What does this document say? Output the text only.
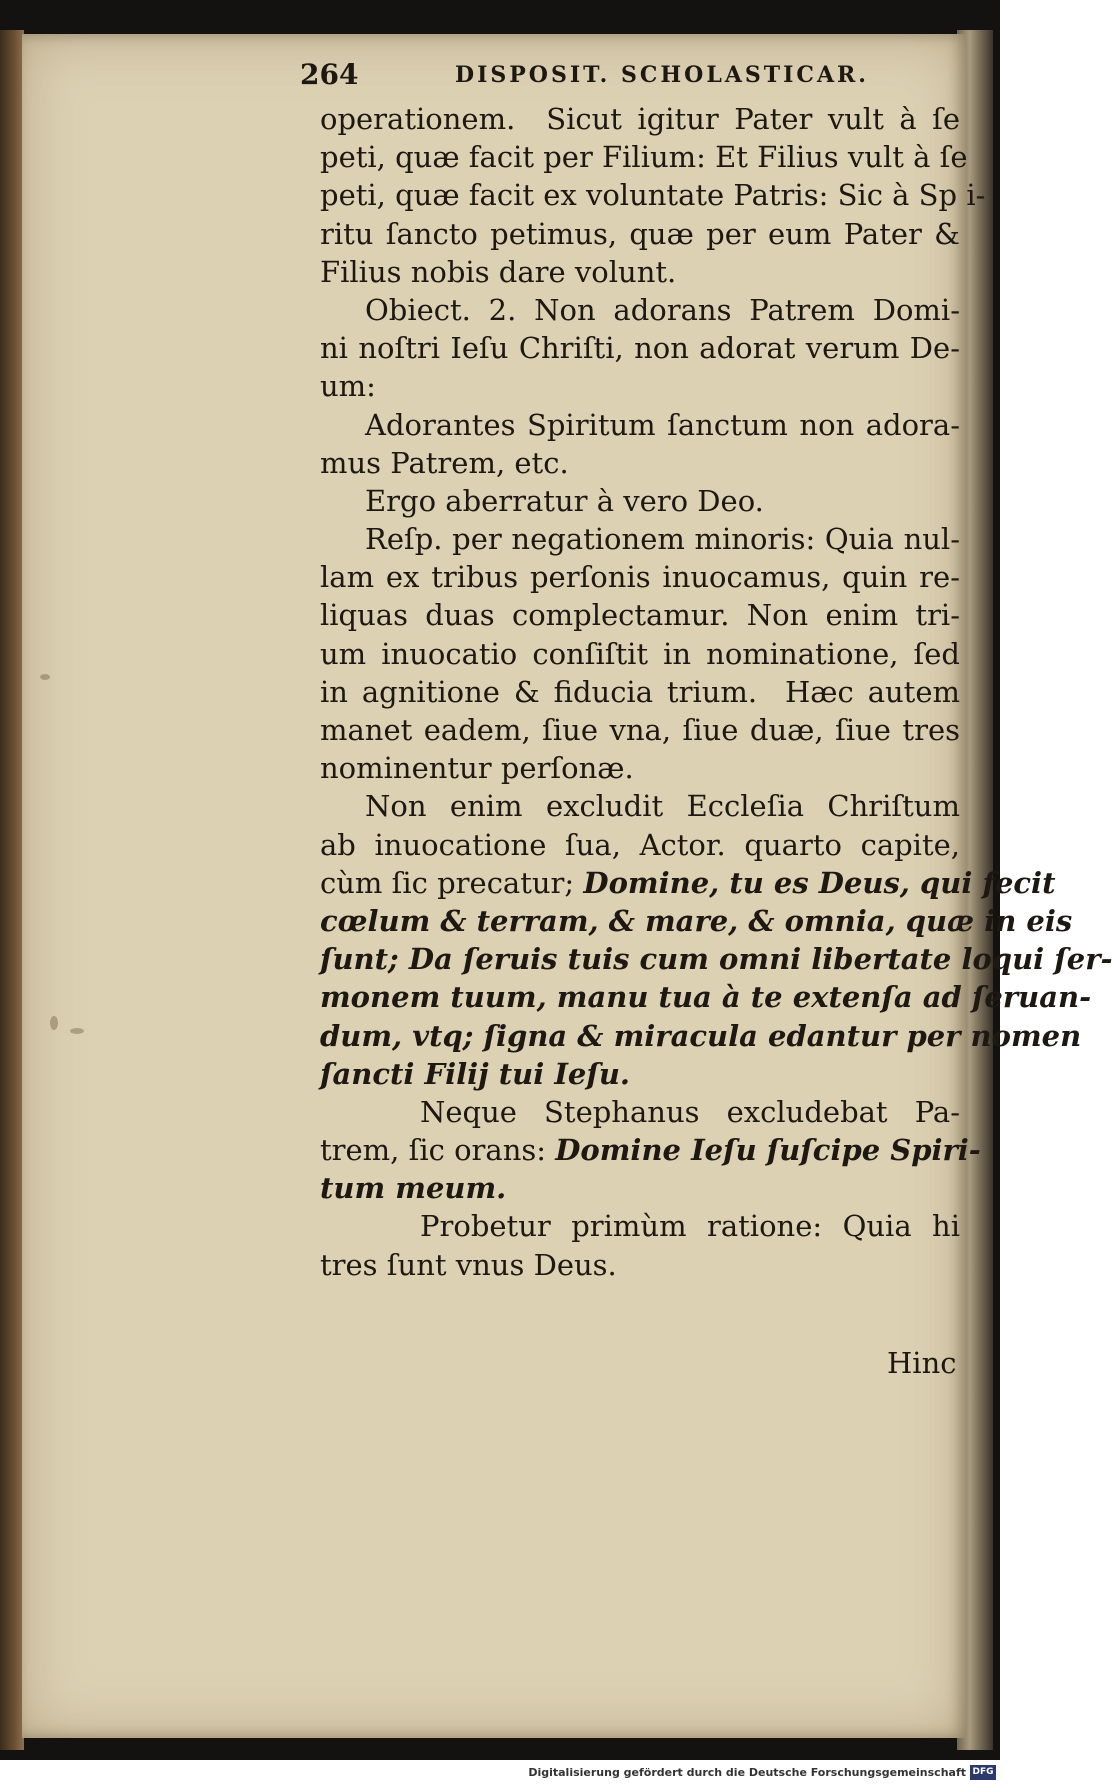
264	DISPOSIT. SCHOLASTICAR.
operationem.  Sicut igitur Pater vult à ſe
peti, quæ facit per Filium: Et Filius vult à ſe
peti, quæ facit ex voluntate Patris: Sic à Sp i-
ritu ſancto petimus, quæ per eum Pater &
Filius nobis dare volunt.
Obiect. 2. Non adorans Patrem Domi-
ni noſtri Ieſu Chriſti, non adorat verum De-
um:
Adorantes Spiritum ſanctum non adora-
mus Patrem, etc.
Ergo aberratur à vero Deo.
Reſp. per negationem minoris: Quia nul-
lam ex tribus perſonis inuocamus, quin re-
liquas duas complectamur. Non enim tri-
um inuocatio conſiſtit in nominatione, ſed
in agnitione & fiducia trium.  Hæc autem
manet eadem, ſiue vna, ſiue duæ, ſiue tres
nominentur perſonæ.
Non enim excludit Eccleſia Chriſtum
ab inuocatione ſua, Actor. quarto capite,
cùm ſic precatur; Domine, tu es Deus, qui fecit
cœlum & terram, & mare, & omnia, quæ in eis
ſunt; Da ſeruis tuis cum omni libertate loqui ſer-
monem tuum, manu tua à te extenſa ad ſeruan-
dum, vtq; ſigna & miracula edantur per nomen
ſancti Filij tui Ieſu.
Neque Stephanus excludebat Pa-
trem, ſic orans: Domine Ieſu ſuſcipe Spiri-
tum meum.
Probetur primùm ratione: Quia hi
tres ſunt vnus Deus.
Hinc
Digitalisierung gefördert durch die Deutsche Forschungsgemeinschaft DFG
